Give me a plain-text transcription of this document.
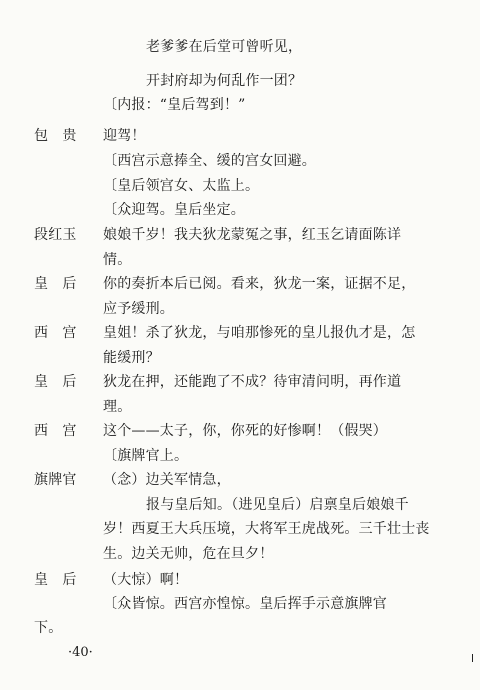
老爹爹在后堂可曾听见，
开封府却为何乱作一团？
〔内报：“皇后驾到！”
包　贵 迎驾！
〔西宫示意捧全、缓的宫女回避。
〔皇后领宫女、太监上。
〔众迎驾。皇后坐定。
段红玉 娘娘千岁！我夫狄龙蒙冤之事，红玉乞请面陈详
情。
皇　后 你的奏折本后已阅。看来，狄龙一案，证据不足，
应予缓刑。
西　宫 皇姐！杀了狄龙，与咱那惨死的皇儿报仇才是，怎
能缓刑？
皇　后 狄龙在押，还能跑了不成？待审清问明，再作道
理。
西　宫 这个——太子，你，你死的好惨啊！（假哭）
〔旗牌官上。
旗牌官 （念）边关军情急，
报与皇后知。（进见皇后）启禀皇后娘娘千
岁！西夏王大兵压境，大将军王虎战死。三千壮士丧
生。边关无帅，危在旦夕！
皇　后 （大惊）啊！
〔众皆惊。西宫亦惶惊。皇后挥手示意旗牌官
下。
·40·
